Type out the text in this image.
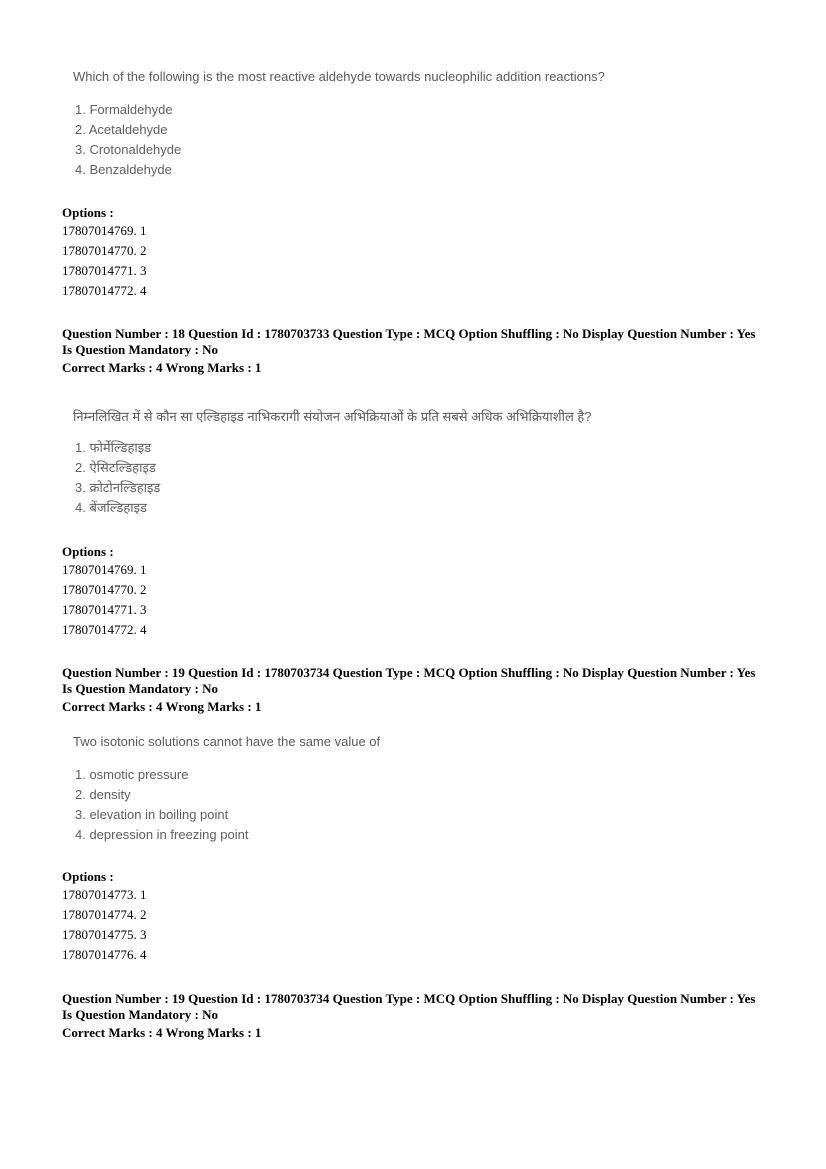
Which of the following is the most reactive aldehyde towards nucleophilic addition reactions?
1. Formaldehyde
2. Acetaldehyde
3. Crotonaldehyde
4. Benzaldehyde
Options :
17807014769. 1
17807014770. 2
17807014771. 3
17807014772. 4
Question Number : 18 Question Id : 1780703733 Question Type : MCQ Option Shuffling : No Display Question Number : Yes
Is Question Mandatory : No
Correct Marks : 4 Wrong Marks : 1
निम्नलिखित में से कौन सा एल्डिहाइड नाभिकरागी संयोजन अभिक्रियाओं के प्रति सबसे अधिक अभिक्रियाशील है?
1. फोर्मेल्डिहाइड
2. ऐसिटल्डिहाइड
3. क्रोटोनल्डिहाइड
4. बेंजल्डिहाइड
Options :
17807014769. 1
17807014770. 2
17807014771. 3
17807014772. 4
Question Number : 19 Question Id : 1780703734 Question Type : MCQ Option Shuffling : No Display Question Number : Yes
Is Question Mandatory : No
Correct Marks : 4 Wrong Marks : 1
Two isotonic solutions cannot have the same value of
1. osmotic pressure
2. density
3. elevation in boiling point
4. depression in freezing point
Options :
17807014773. 1
17807014774. 2
17807014775. 3
17807014776. 4
Question Number : 19 Question Id : 1780703734 Question Type : MCQ Option Shuffling : No Display Question Number : Yes
Is Question Mandatory : No
Correct Marks : 4 Wrong Marks : 1
